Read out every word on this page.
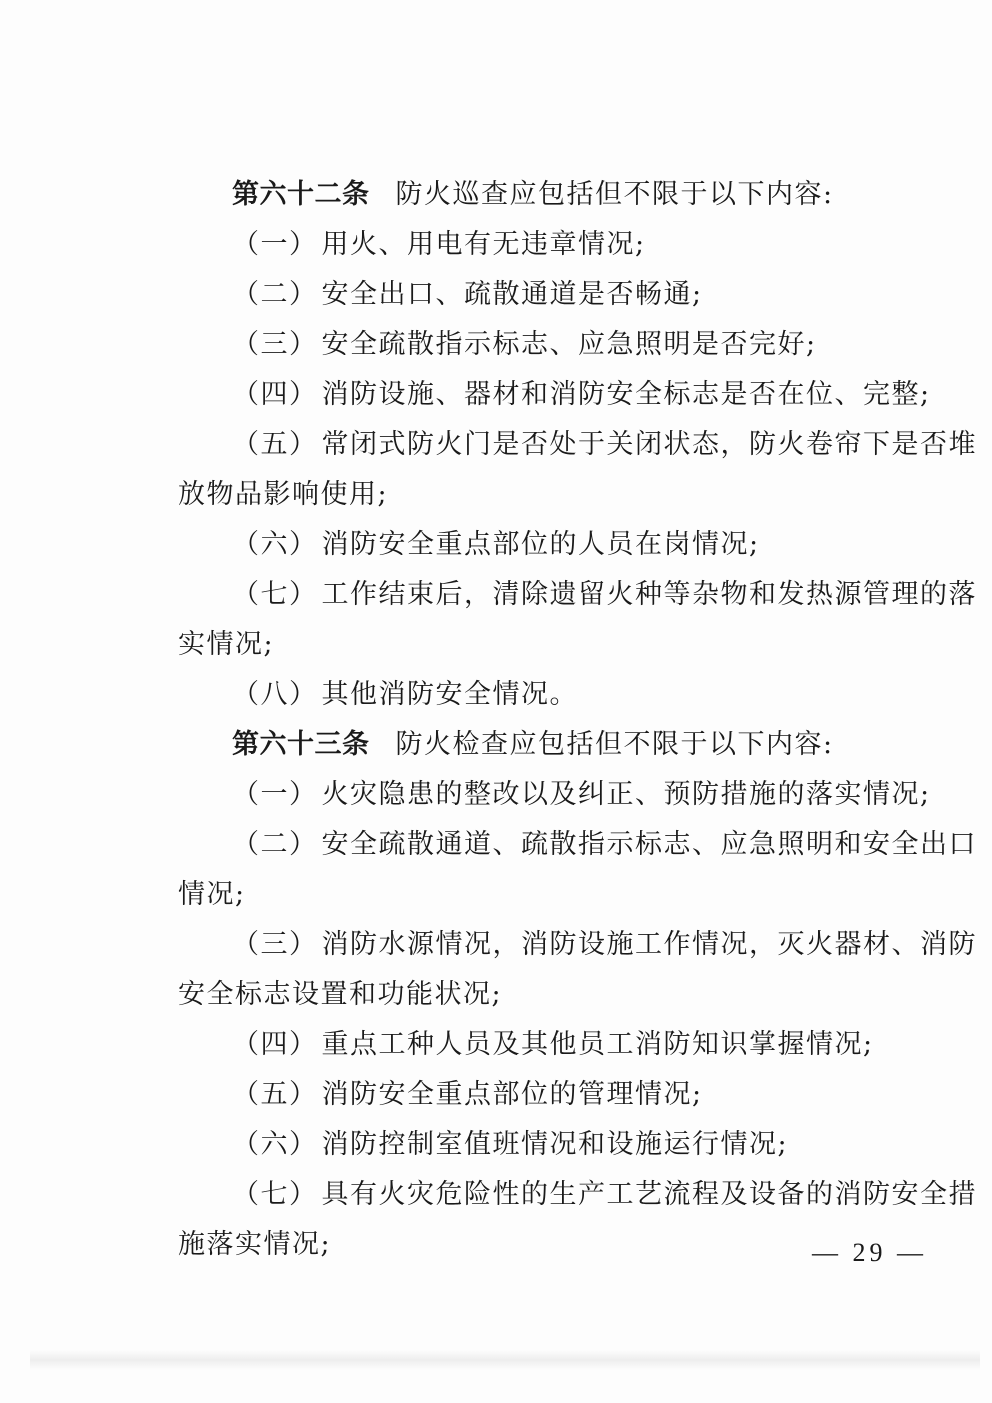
第六十二条 防火巡查应包括但不限于以下内容:
（一） 用火、用电有无违章情况;
（二） 安全出口、疏散通道是否畅通;
（三） 安全疏散指示标志、应急照明是否完好;
（四） 消防设施、器材和消防安全标志是否在位、完整;
（五） 常闭式防火门是否处于关闭状态，防火卷帘下是否堆
放物品影响使用;
（六） 消防安全重点部位的人员在岗情况;
（七） 工作结束后，清除遗留火种等杂物和发热源管理的落
实情况;
（八） 其他消防安全情况。
第六十三条 防火检查应包括但不限于以下内容:
（一） 火灾隐患的整改以及纠正、预防措施的落实情况;
（二） 安全疏散通道、疏散指示标志、应急照明和安全出口
情况;
（三） 消防水源情况，消防设施工作情况，灭火器材、消防
安全标志设置和功能状况;
（四） 重点工种人员及其他员工消防知识掌握情况;
（五） 消防安全重点部位的管理情况;
（六） 消防控制室值班情况和设施运行情况;
（七） 具有火灾危险性的生产工艺流程及设备的消防安全措
施落实情况;	— 29 —
